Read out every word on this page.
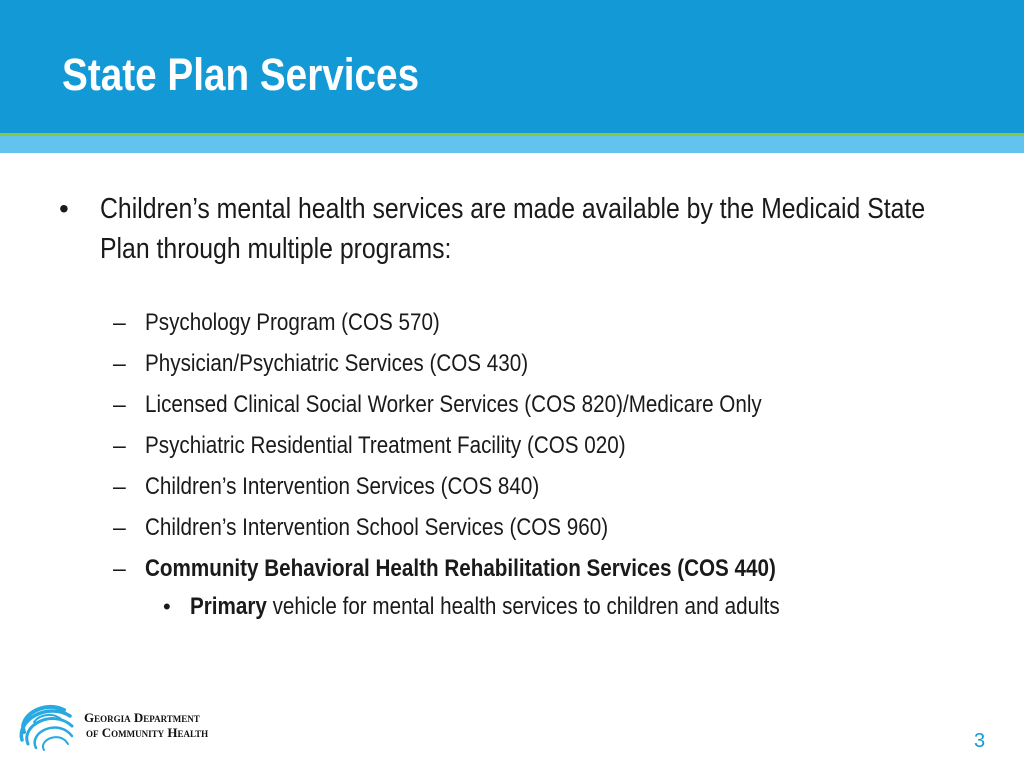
State Plan Services
• Children’s mental health services are made available by the Medicaid State Plan through multiple programs:
– Psychology Program (COS 570)
– Physician/Psychiatric Services (COS 430)
– Licensed Clinical Social Worker Services (COS 820)/Medicare Only
– Psychiatric Residential Treatment Facility (COS 020)
– Children’s Intervention Services (COS 840)
– Children’s Intervention School Services (COS 960)
– Community Behavioral Health Rehabilitation Services (COS 440)
• Primary vehicle for mental health services to children and adults
Georgia Department
of Community Health	3
